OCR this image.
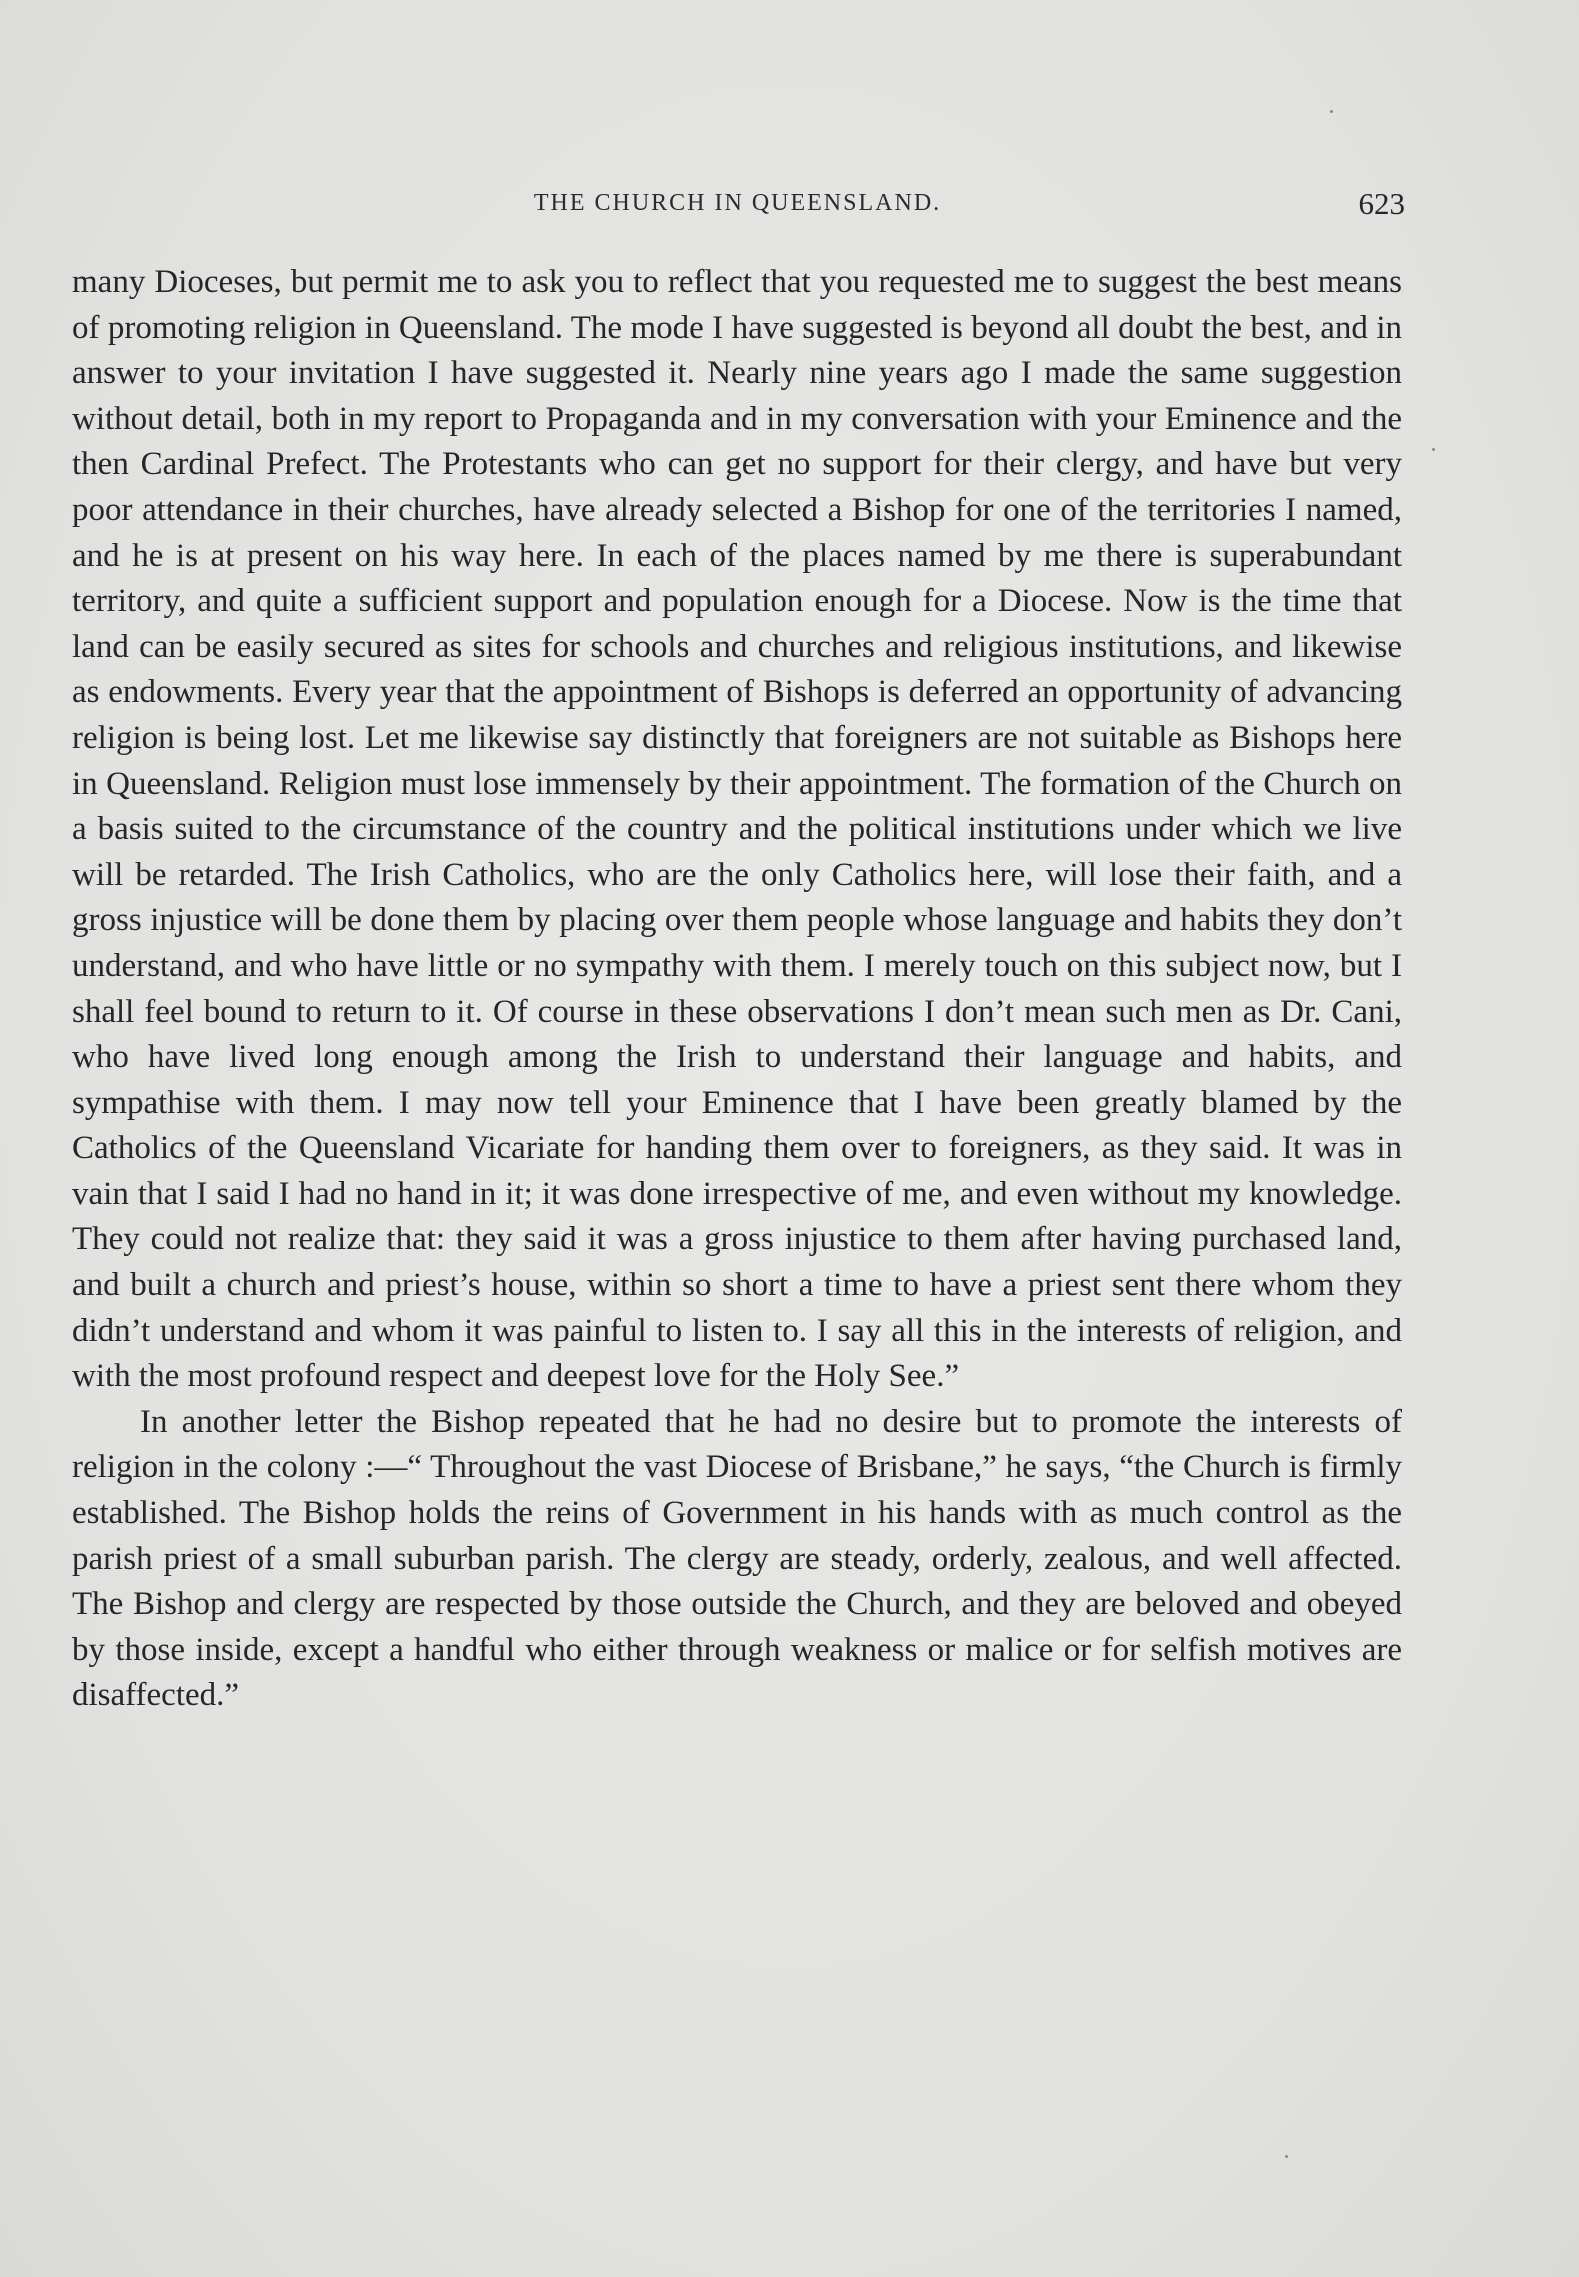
THE CHURCH IN QUEENSLAND.	623

many Dioceses, but permit me to ask you to reflect that you requested me to suggest the best means of promoting religion in Queensland. The mode I have suggested is beyond all doubt the best, and in answer to your invitation I have suggested it. Nearly nine years ago I made the same suggestion without detail, both in my report to Propaganda and in my conversation with your Eminence and the then Cardinal Prefect. The Protestants who can get no support for their clergy, and have but very poor attendance in their churches, have already selected a Bishop for one of the territories I named, and he is at present on his way here. In each of the places named by me there is superabundant territory, and quite a sufficient support and population enough for a Diocese. Now is the time that land can be easily secured as sites for schools and churches and religious institutions, and likewise as endowments. Every year that the appointment of Bishops is deferred an opportunity of advancing religion is being lost. Let me likewise say distinctly that foreigners are not suitable as Bishops here in Queensland. Religion must lose immensely by their appointment. The formation of the Church on a basis suited to the circumstance of the country and the political institutions under which we live will be retarded. The Irish Catholics, who are the only Catholics here, will lose their faith, and a gross injustice will be done them by placing over them people whose language and habits they don’t understand, and who have little or no sympathy with them. I merely touch on this subject now, but I shall feel bound to return to it. Of course in these observations I don’t mean such men as Dr. Cani, who have lived long enough among the Irish to understand their language and habits, and sympathise with them. I may now tell your Eminence that I have been greatly blamed by the Catholics of the Queensland Vicariate for handing them over to foreigners, as they said. It was in vain that I said I had no hand in it; it was done irrespective of me, and even without my knowledge. They could not realize that: they said it was a gross injustice to them after having purchased land, and built a church and priest’s house, within so short a time to have a priest sent there whom they didn’t understand and whom it was painful to listen to. I say all this in the interests of religion, and with the most profound respect and deepest love for the Holy See.”

In another letter the Bishop repeated that he had no desire but to promote the interests of religion in the colony :—“ Throughout the vast Diocese of Brisbane,” he says, “the Church is firmly established. The Bishop holds the reins of Government in his hands with as much control as the parish priest of a small suburban parish. The clergy are steady, orderly, zealous, and well affected. The Bishop and clergy are respected by those outside the Church, and they are beloved and obeyed by those inside, except a handful who either through weakness or malice or for selfish motives are disaffected.”
